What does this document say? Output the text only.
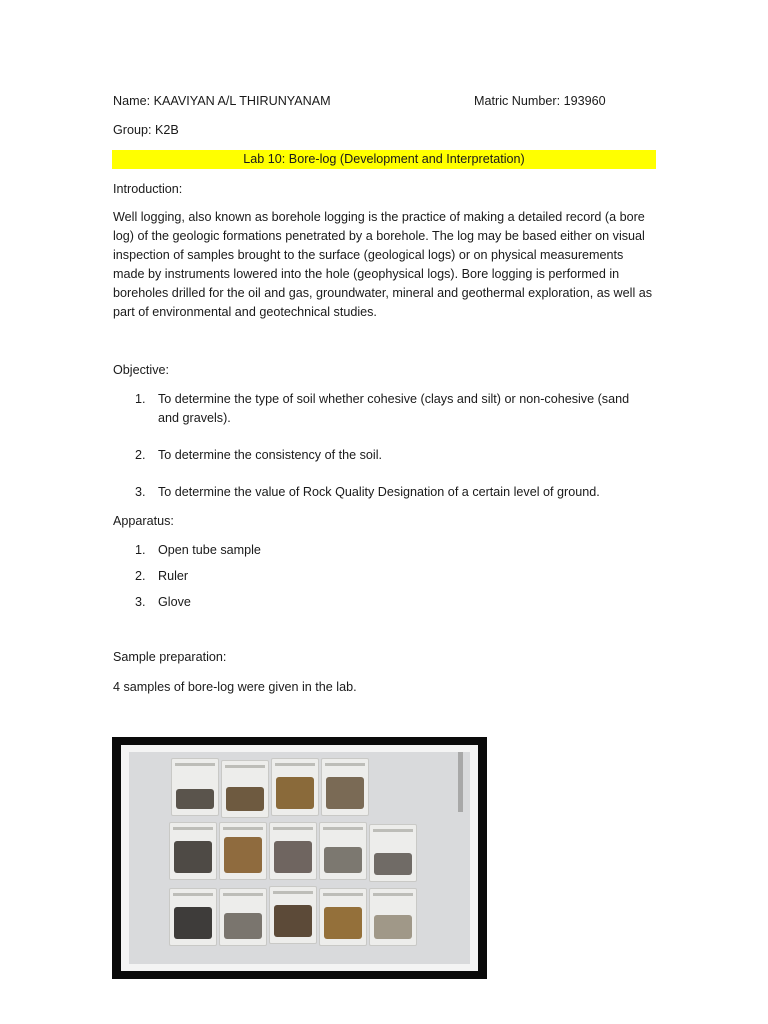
Name: KAAVIYAN A/L THIRUNYANAM	Matric Number: 193960
Group: K2B
Lab 10: Bore-log (Development and Interpretation)
Introduction:
Well logging, also known as borehole logging is the practice of making a detailed record (a bore log) of the geologic formations penetrated by a borehole. The log may be based either on visual inspection of samples brought to the surface (geological logs) or on physical measurements made by instruments lowered into the hole (geophysical logs). Bore logging is performed in boreholes drilled for the oil and gas, groundwater, mineral and geothermal exploration, as well as part of environmental and geotechnical studies.
Objective:
1. To determine the type of soil whether cohesive (clays and silt) or non-cohesive (sand and gravels).
2. To determine the consistency of the soil.
3. To determine the value of Rock Quality Designation of a certain level of ground.
Apparatus:
1. Open tube sample
2. Ruler
3. Glove
Sample preparation:
4 samples of bore-log were given in the lab.
